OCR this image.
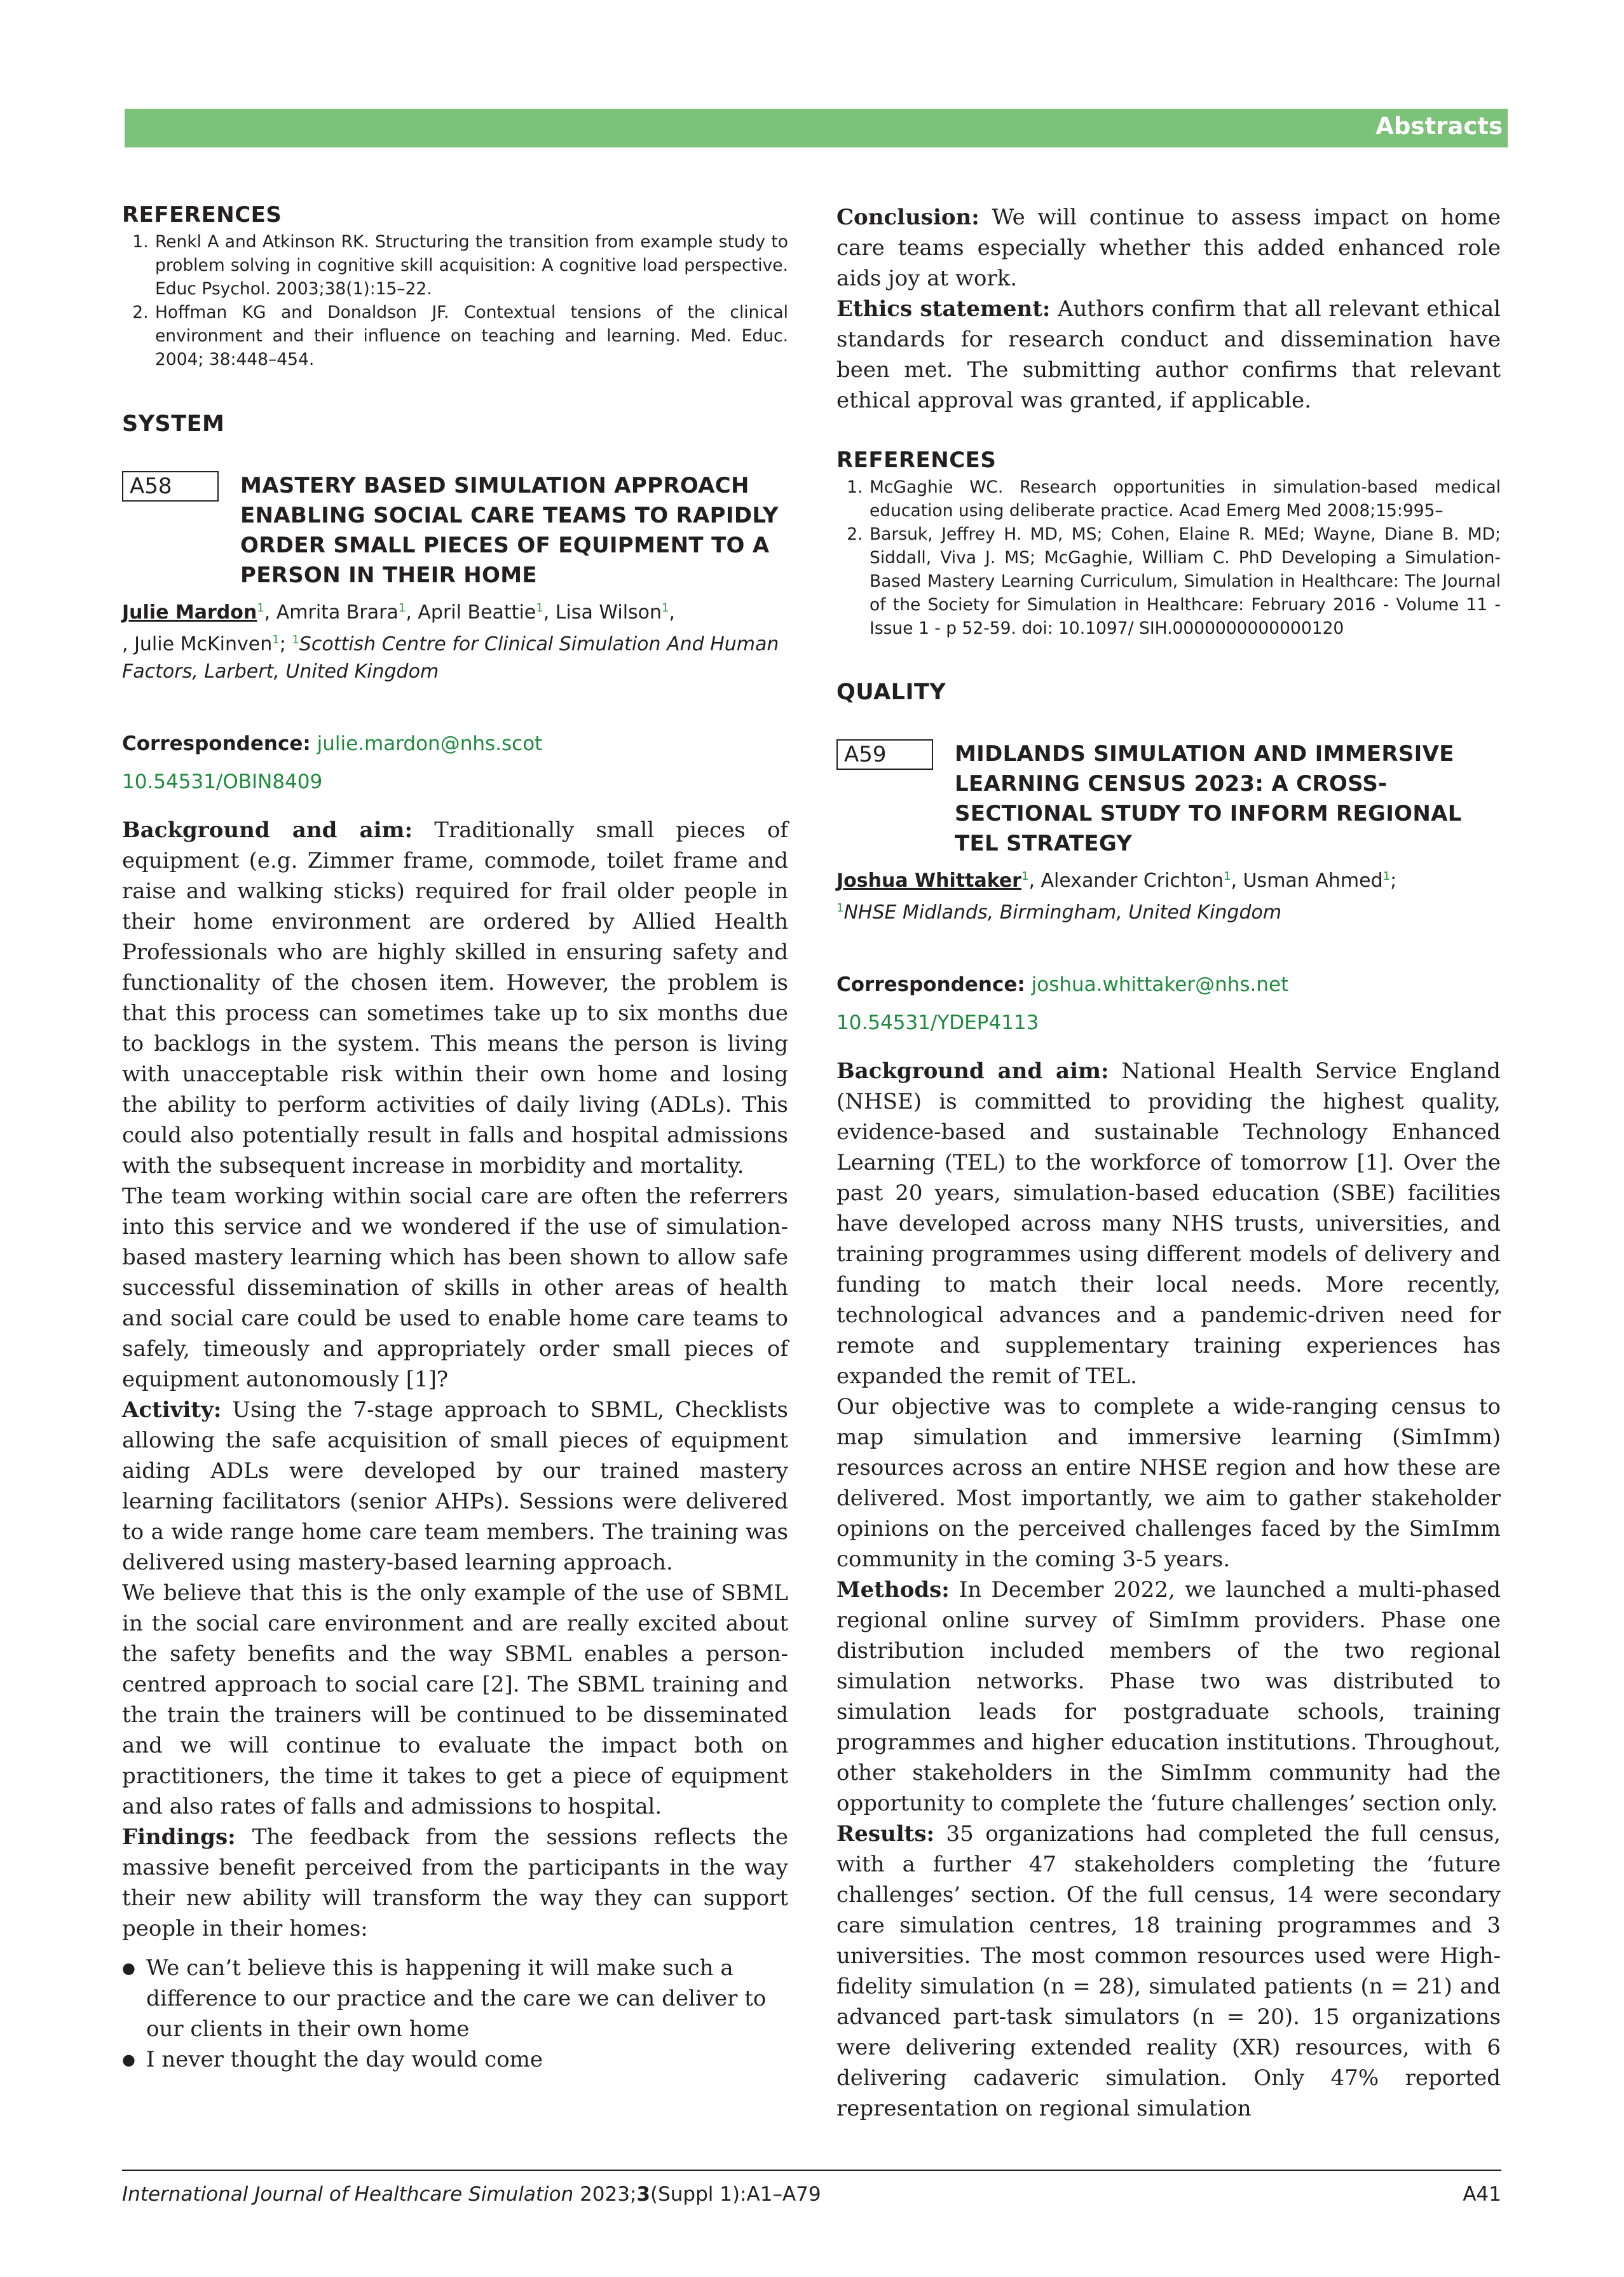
Abstracts
REFERENCES
1. Renkl A and Atkinson RK. Structuring the transition from example study to problem solving in cognitive skill acquisition: A cognitive load perspective. Educ Psychol. 2003;38(1):15–22.
2. Hoffman KG and Donaldson JF. Contextual tensions of the clinical environment and their influence on teaching and learning. Med. Educ. 2004; 38:448–454.
SYSTEM
A58	MASTERY BASED SIMULATION APPROACH ENABLING SOCIAL CARE TEAMS TO RAPIDLY ORDER SMALL PIECES OF EQUIPMENT TO A PERSON IN THEIR HOME
Julie Mardon$^1$, Amrita Brara$^1$, April Beattie$^1$, Lisa Wilson$^1$,
, Julie McKinven$^1$; $^1$Scottish Centre for Clinical Simulation And Human Factors, Larbert, United Kingdom
Correspondence: julie.mardon@nhs.scot
10.54531/OBIN8409

Background and aim: Traditionally small pieces of equipment (e.g. Zimmer frame, commode, toilet frame and raise and walking sticks) required for frail older people in their home environment are ordered by Allied Health Professionals who are highly skilled in ensuring safety and functionality of the chosen item. However, the problem is that this process can sometimes take up to six months due to backlogs in the system. This means the person is living with unacceptable risk within their own home and losing the ability to perform activities of daily living (ADLs). This could also potentially result in falls and hospital admissions with the subsequent increase in morbidity and mortality.

The team working within social care are often the referrers into this service and we wondered if the use of simulation-based mastery learning which has been shown to allow safe successful dissemination of skills in other areas of health and social care could be used to enable home care teams to safely, timeously and appropriately order small pieces of equipment autonomously [1]?

Activity: Using the 7-stage approach to SBML, Checklists allowing the safe acquisition of small pieces of equipment aiding ADLs were developed by our trained mastery learning facilitators (senior AHPs). Sessions were delivered to a wide range home care team members. The training was delivered using mastery-based learning approach.

We believe that this is the only example of the use of SBML in the social care environment and are really excited about the safety benefits and the way SBML enables a person-centred approach to social care [2]. The SBML training and the train the trainers will be continued to be disseminated and we will continue to evaluate the impact both on practitioners, the time it takes to get a piece of equipment and also rates of falls and admissions to hospital.

Findings: The feedback from the sessions reflects the massive benefit perceived from the participants in the way their new ability will transform the way they can support people in their homes:

● We can’t believe this is happening it will make such a difference to our practice and the care we can deliver to our clients in their own home
● I never thought the day would come

Conclusion: We will continue to assess impact on home care teams especially whether this added enhanced role aids joy at work.

Ethics statement: Authors confirm that all relevant ethical standards for research conduct and dissemination have been met. The submitting author confirms that relevant ethical approval was granted, if applicable.

REFERENCES
1. McGaghie WC. Research opportunities in simulation-based medical education using deliberate practice. Acad Emerg Med 2008;15:995–
2. Barsuk, Jeffrey H. MD, MS; Cohen, Elaine R. MEd; Wayne, Diane B. MD; Siddall, Viva J. MS; McGaghie, William C. PhD Developing a Simulation-Based Mastery Learning Curriculum, Simulation in Healthcare: The Journal of the Society for Simulation in Healthcare: February 2016 - Volume 11 - Issue 1 - p 52-59. doi: 10.1097/ SIH.0000000000000120
QUALITY
A59	MIDLANDS SIMULATION AND IMMERSIVE LEARNING CENSUS 2023: A CROSS-SECTIONAL STUDY TO INFORM REGIONAL TEL STRATEGY
Joshua Whittaker$^1$, Alexander Crichton$^1$, Usman Ahmed$^1$;
$^1$NHSE Midlands, Birmingham, United Kingdom
Correspondence: joshua.whittaker@nhs.net
10.54531/YDEP4113

Background and aim: National Health Service England (NHSE) is committed to providing the highest quality, evidence-based and sustainable Technology Enhanced Learning (TEL) to the workforce of tomorrow [1]. Over the past 20 years, simulation-based education (SBE) facilities have developed across many NHS trusts, universities, and training programmes using different models of delivery and funding to match their local needs. More recently, technological advances and a pandemic-driven need for remote and supplementary training experiences has expanded the remit of TEL.

Our objective was to complete a wide-ranging census to map simulation and immersive learning (SimImm) resources across an entire NHSE region and how these are delivered. Most importantly, we aim to gather stakeholder opinions on the perceived challenges faced by the SimImm community in the coming 3-5 years.

Methods: In December 2022, we launched a multi-phased regional online survey of SimImm providers. Phase one distribution included members of the two regional simulation networks. Phase two was distributed to simulation leads for postgraduate schools, training programmes and higher education institutions. Throughout, other stakeholders in the SimImm community had the opportunity to complete the ‘future challenges’ section only.

Results: 35 organizations had completed the full census, with a further 47 stakeholders completing the ‘future challenges’ section. Of the full census, 14 were secondary care simulation centres, 18 training programmes and 3 universities. The most common resources used were High-fidelity simulation (n = 28), simulated patients (n = 21) and advanced part-task simulators (n = 20). 15 organizations were delivering extended reality (XR) resources, with 6 delivering cadaveric simulation. Only 47% reported representation on regional simulation

International Journal of Healthcare Simulation 2023;3(Suppl 1):A1–A79	A41
